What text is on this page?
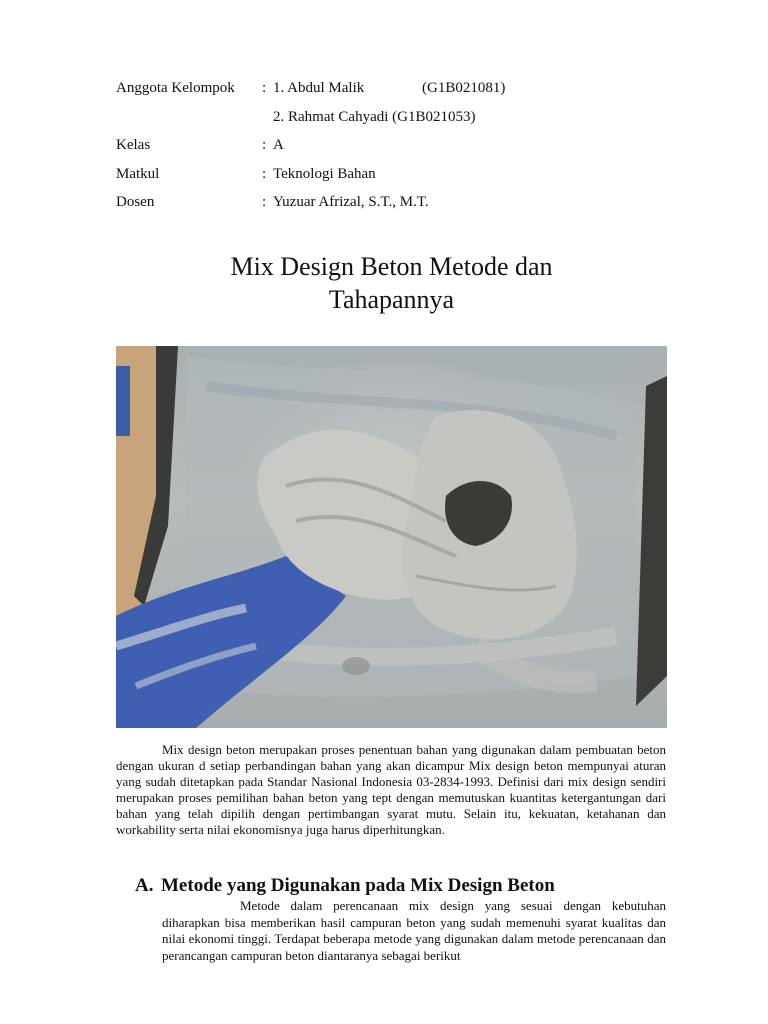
Anggota Kelompok : 1. Abdul Malik	(G1B021081)
2. Rahmat Cahyadi (G1B021053)
Kelas	: A
Matkul	: Teknologi Bahan
Dosen	: Yuzuar Afrizal, S.T., M.T.
Mix Design Beton Metode dan
Tahapannya

Mix design beton merupakan proses penentuan bahan yang digunakan dalam pembuatan beton dengan ukuran d setiap perbandingan bahan yang akan dicampur Mix design beton mempunyai aturan yang sudah ditetapkan pada Standar Nasional Indonesia 03-2834-1993. Definisi dari mix design sendiri merupakan proses pemilihan bahan beton yang tept dengan memutuskan kuantitas ketergantungan dari bahan yang telah dipilih dengan pertimbangan syarat mutu. Selain itu, kekuatan, ketahanan dan workability serta nilai ekonomisnya juga harus diperhitungkan.

A. Metode yang Digunakan pada Mix Design Beton

Metode dalam perencanaan mix design yang sesuai dengan kebutuhan diharapkan bisa memberikan hasil campuran beton yang sudah memenuhi syarat kualitas dan nilai ekonomi tinggi. Terdapat beberapa metode yang digunakan dalam metode perencanaan dan perancangan campuran beton diantaranya sebagai berikut
